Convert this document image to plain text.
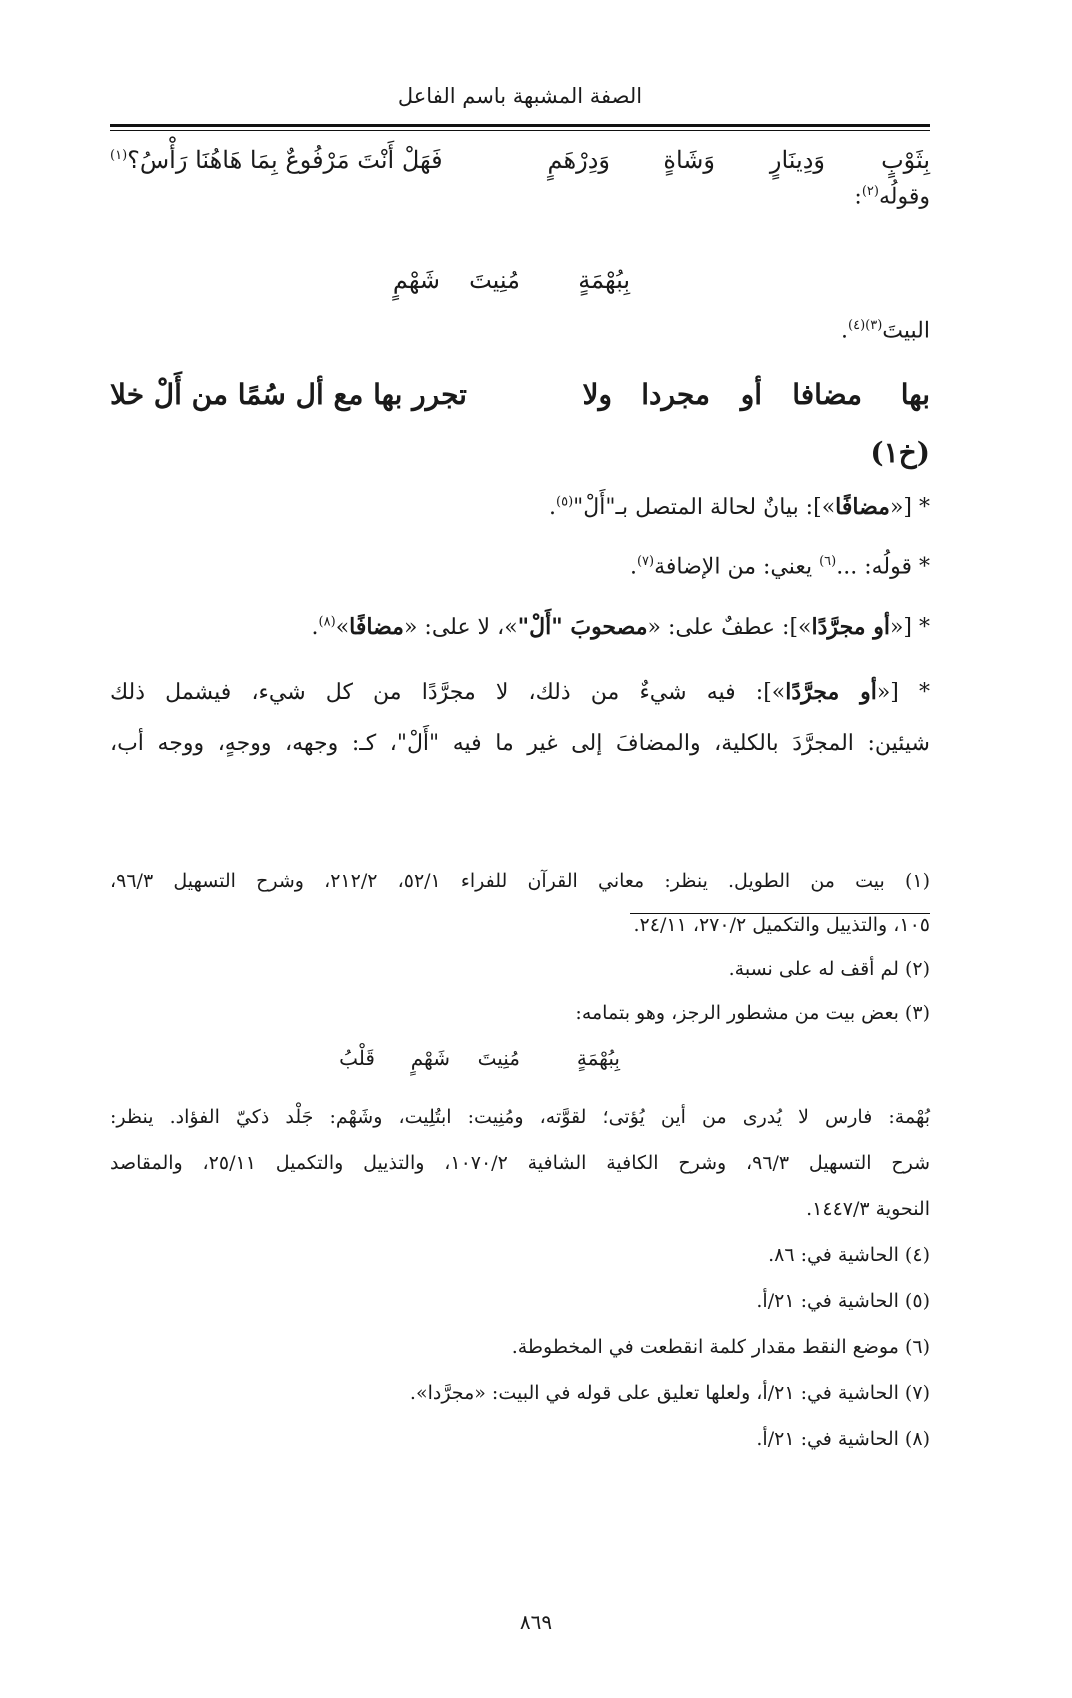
الصفة المشبهة باسم الفاعل
بِثَوْبٍ
وَدِينَارٍ
وَشَاةٍ
وَدِرْهَمٍ
فَهَلْ أَنْتَ مَرْفُوعٌ بِمَا هَاهُنَا رَأْسُ؟$^{(١)}$
وقولُه$^{(٢)}$:
بِبُهْمَةٍ
مُنِيتَ
شَهْمٍ
البيتَ$^{(٣)(٤)}$.
بها
مضافا
أو
مجردا
ولا
تجرر بها مع أل سُمًا من أَلْ خلا
(خ١)
* [«مضافًا»]: بيانٌ لحالة المتصل بـ"أَلْ"$^{(٥)}$.
* قولُه: ...$^{(٦)}$ يعني: من الإضافة$^{(٧)}$.
* [«أو مجرَّدًا»]: عطفٌ على: «مصحوبَ "أَلْ"»، لا على: «مضافًا»$^{(٨)}$.
* [«أو مجرَّدًا»]: فيه شيءٌ من ذلك، لا مجرَّدًا من كل شيء، فيشمل ذلك
شيئين: المجرَّدَ بالكلية، والمضافَ إلى غير ما فيه "أَلْ"، كـ: وجهه، ووجهٍ، ووجه أب،
(١) بيت من الطويل. ينظر: معاني القرآن للفراء ٥٢/١، ٢١٢/٢، وشرح التسهيل ٩٦/٣،
١٠٥، والتذييل والتكميل ٢٧٠/٢، ٢٤/١١.
(٢) لم أقف له على نسبة.
(٣) بعض بيت من مشطور الرجز، وهو بتمامه:
بِبُهْمَةٍ
مُنِيتَ
شَهْمٍ
قَلْبُ
بُهْمة: فارس لا يُدرى من أين يُؤتى؛ لقوَّته، ومُنِيت: ابتُلِيت، وشَهْم: جَلْد ذكيّ الفؤاد. ينظر:
شرح التسهيل ٩٦/٣، وشرح الكافية الشافية ١٠٧٠/٢، والتذييل والتكميل ٢٥/١١، والمقاصد
النحوية ١٤٤٧/٣.
(٤) الحاشية في: ٨٦.
(٥) الحاشية في: ٢١/أ.
(٦) موضع النقط مقدار كلمة انقطعت في المخطوطة.
(٧) الحاشية في: ٢١/أ، ولعلها تعليق على قوله في البيت: «مجرَّدا».
(٨) الحاشية في: ٢١/أ.
٨٦٩
